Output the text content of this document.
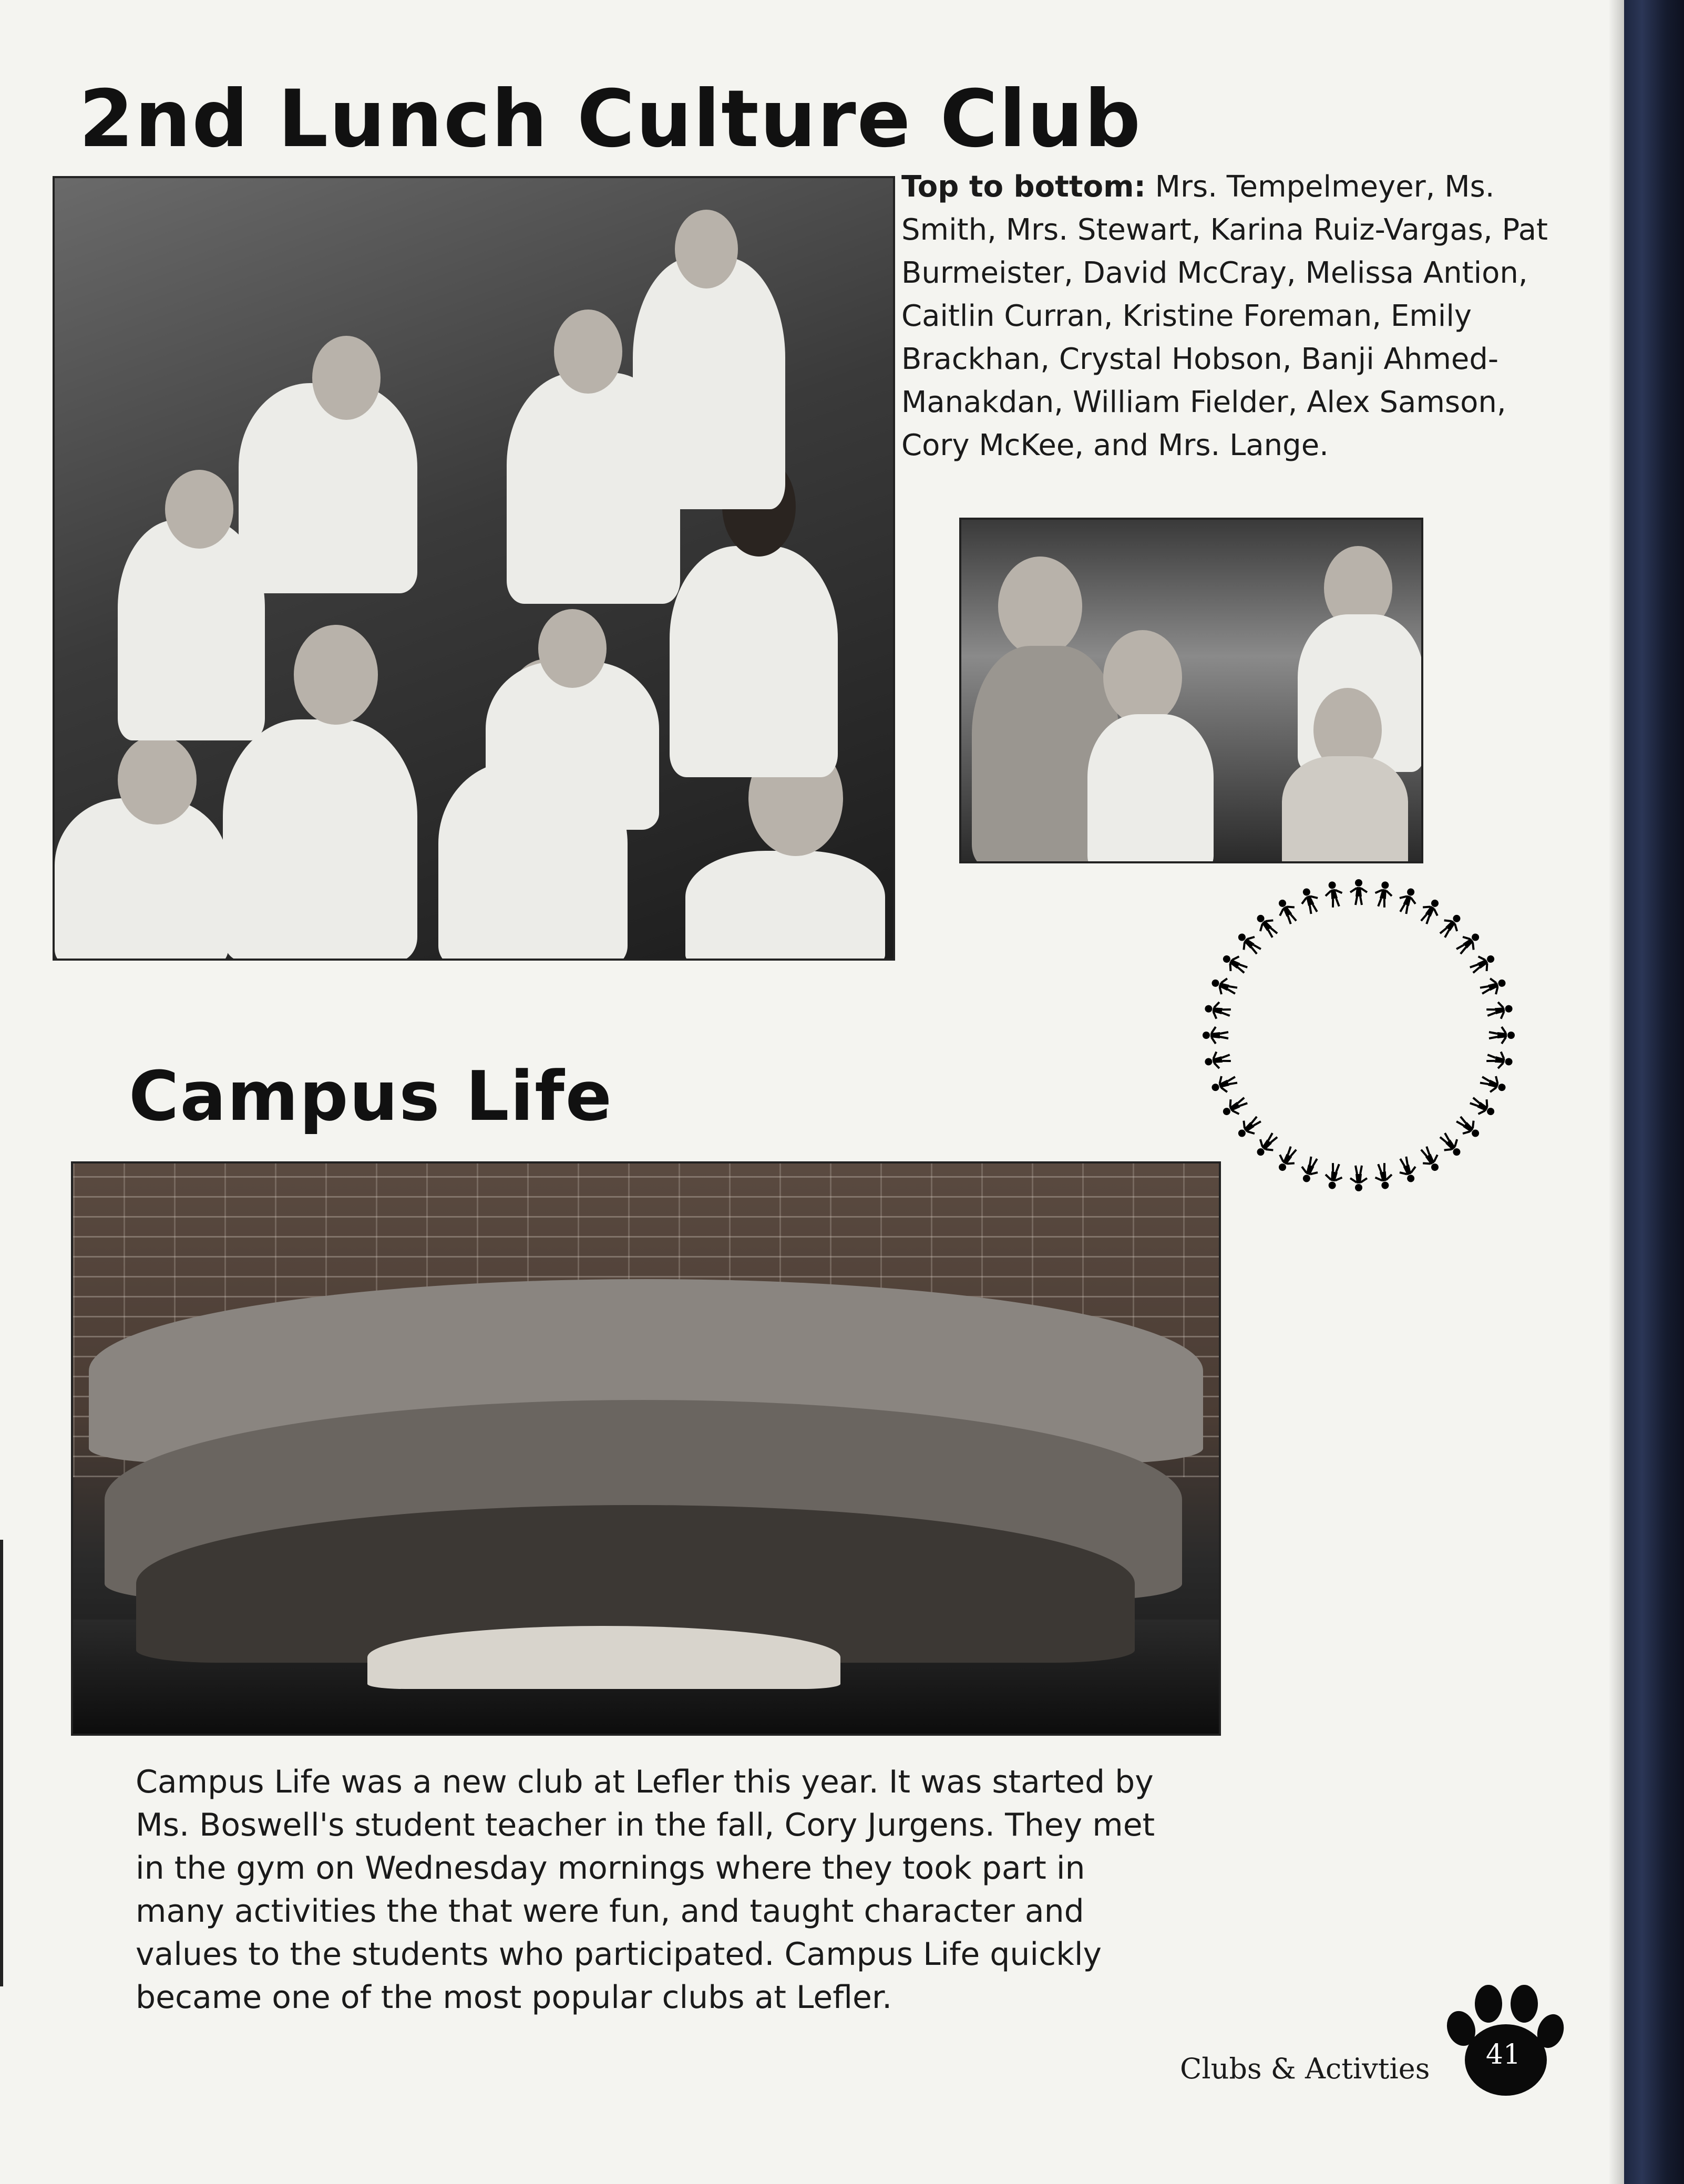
2nd Lunch Culture Club

Top to bottom: Mrs. Tempelmeyer, Ms. Smith, Mrs. Stewart, Karina Ruiz-Vargas, Pat Burmeister, David McCray, Melissa Antion, Caitlin Curran, Kristine Foreman, Emily Brackhan, Crystal Hobson, Banji Ahmed-Manakdan, William Fielder, Alex Samson, Cory McKee, and Mrs. Lange.

Campus Life

Campus Life was a new club at Lefler this year. It was started by Ms. Boswell's student teacher in the fall, Cory Jurgens. They met in the gym on Wednesday mornings where they took part in many activities the that were fun, and taught character and values to the students who participated. Campus Life quickly became one of the most popular clubs at Lefler.

Clubs & Activties	41
